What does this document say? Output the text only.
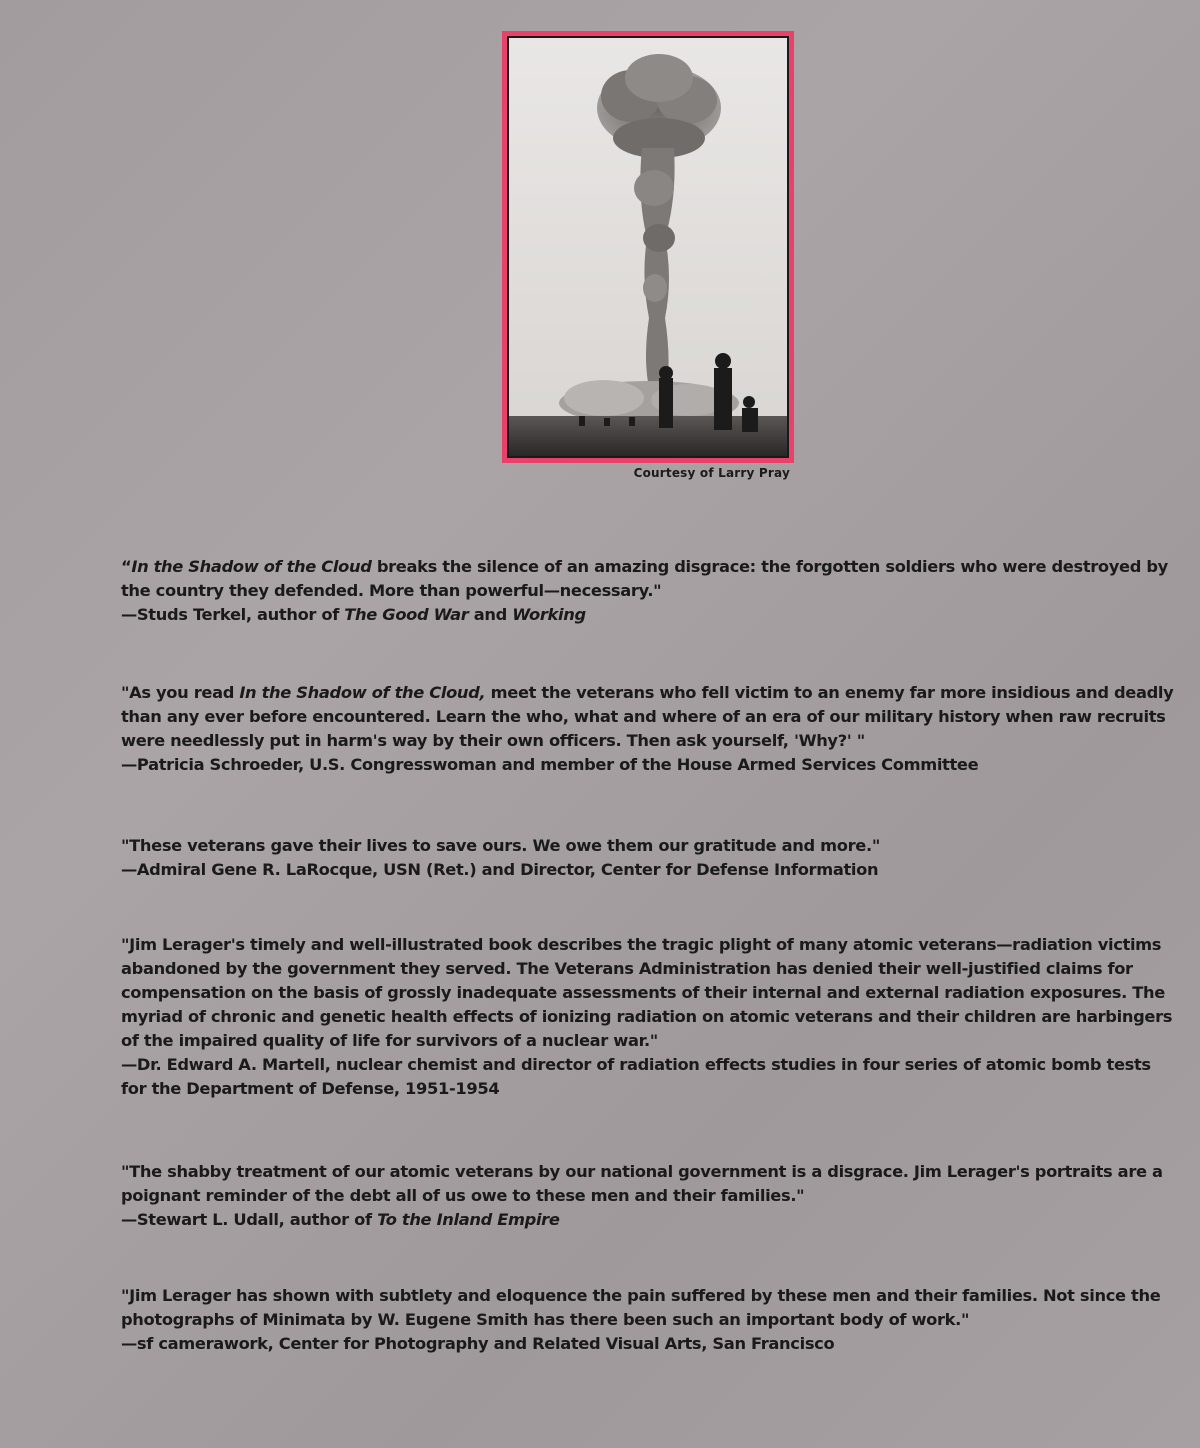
Courtesy of Larry Pray

“In the Shadow of the Cloud breaks the silence of an amazing disgrace: the forgotten soldiers who were destroyed by the country they defended. More than powerful—necessary."

—Studs Terkel, author of The Good War and Working

"As you read In the Shadow of the Cloud, meet the veterans who fell victim to an enemy far more insidious and deadly than any ever before encountered. Learn the who, what and where of an era of our military history when raw recruits were needlessly put in harm's way by their own officers. Then ask yourself, 'Why?' "

—Patricia Schroeder, U.S. Congresswoman and member of the House Armed Services Committee

"These veterans gave their lives to save ours. We owe them our gratitude and more."

—Admiral Gene R. LaRocque, USN (Ret.) and Director, Center for Defense Information

"Jim Lerager's timely and well-illustrated book describes the tragic plight of many atomic veterans—radiation victims abandoned by the government they served. The Veterans Administration has denied their well-justified claims for compensation on the basis of grossly inadequate assessments of their internal and external radiation exposures. The myriad of chronic and genetic health effects of ionizing radiation on atomic veterans and their children are harbingers of the impaired quality of life for survivors of a nuclear war."

—Dr. Edward A. Martell, nuclear chemist and director of radiation effects studies in four series of atomic bomb tests for the Department of Defense, 1951-1954

"The shabby treatment of our atomic veterans by our national government is a disgrace. Jim Lerager's portraits are a poignant reminder of the debt all of us owe to these men and their families."

—Stewart L. Udall, author of To the Inland Empire

"Jim Lerager has shown with subtlety and eloquence the pain suffered by these men and their families. Not since the photographs of Minimata by W. Eugene Smith has there been such an important body of work."

—sf camerawork, Center for Photography and Related Visual Arts, San Francisco
